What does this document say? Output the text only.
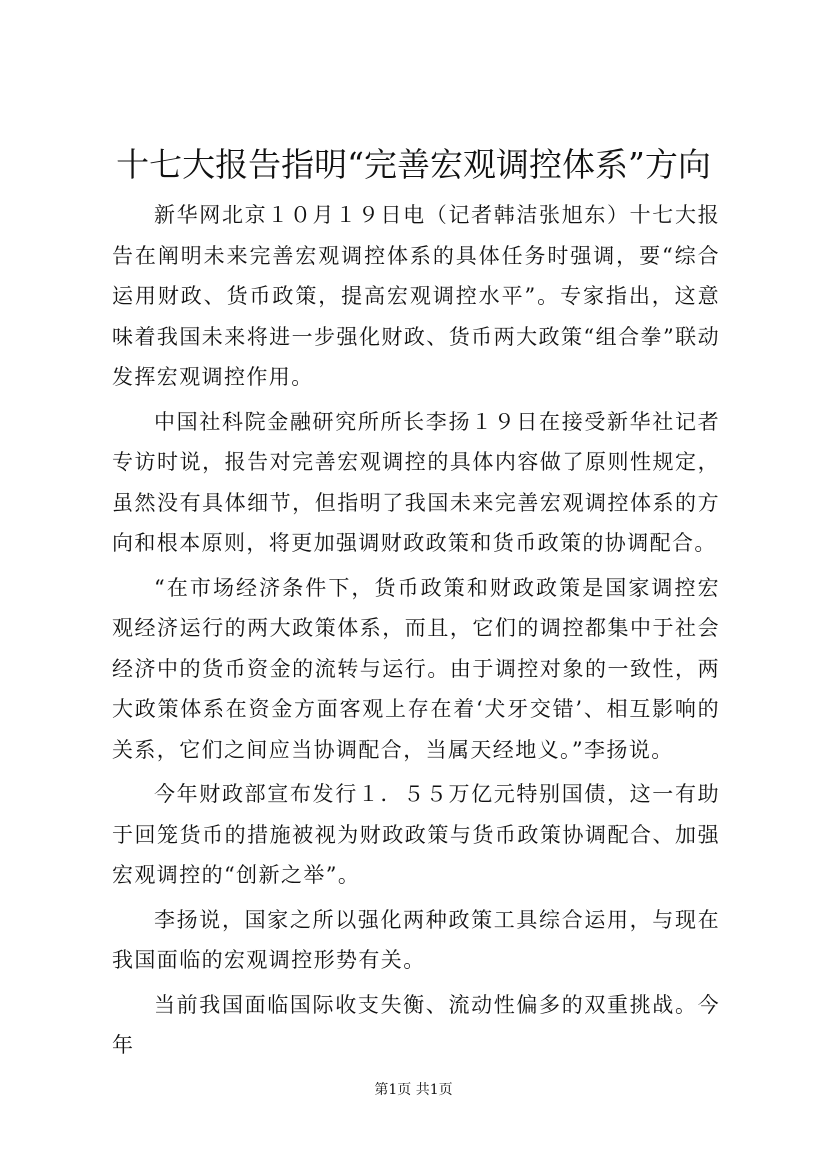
十七大报告指明“完善宏观调控体系”方向

新华网北京１０月１９日电（记者韩洁张旭东）十七大报告在阐明未来完善宏观调控体系的具体任务时强调，要“综合运用财政、货币政策，提高宏观调控水平”。专家指出，这意味着我国未来将进一步强化财政、货币两大政策“组合拳”联动发挥宏观调控作用。

中国社科院金融研究所所长李扬１９日在接受新华社记者专访时说，报告对完善宏观调控的具体内容做了原则性规定，虽然没有具体细节，但指明了我国未来完善宏观调控体系的方向和根本原则，将更加强调财政政策和货币政策的协调配合。

“在市场经济条件下，货币政策和财政政策是国家调控宏观经济运行的两大政策体系，而且，它们的调控都集中于社会经济中的货币资金的流转与运行。由于调控对象的一致性，两大政策体系在资金方面客观上存在着‘犬牙交错’、相互影响的关系，它们之间应当协调配合，当属天经地义。”李扬说。

今年财政部宣布发行１．５５万亿元特别国债，这一有助于回笼货币的措施被视为财政政策与货币政策协调配合、加强宏观调控的“创新之举”。

李扬说，国家之所以强化两种政策工具综合运用，与现在我国面临的宏观调控形势有关。

当前我国面临国际收支失衡、流动性偏多的双重挑战。今年

第1页 共1页
